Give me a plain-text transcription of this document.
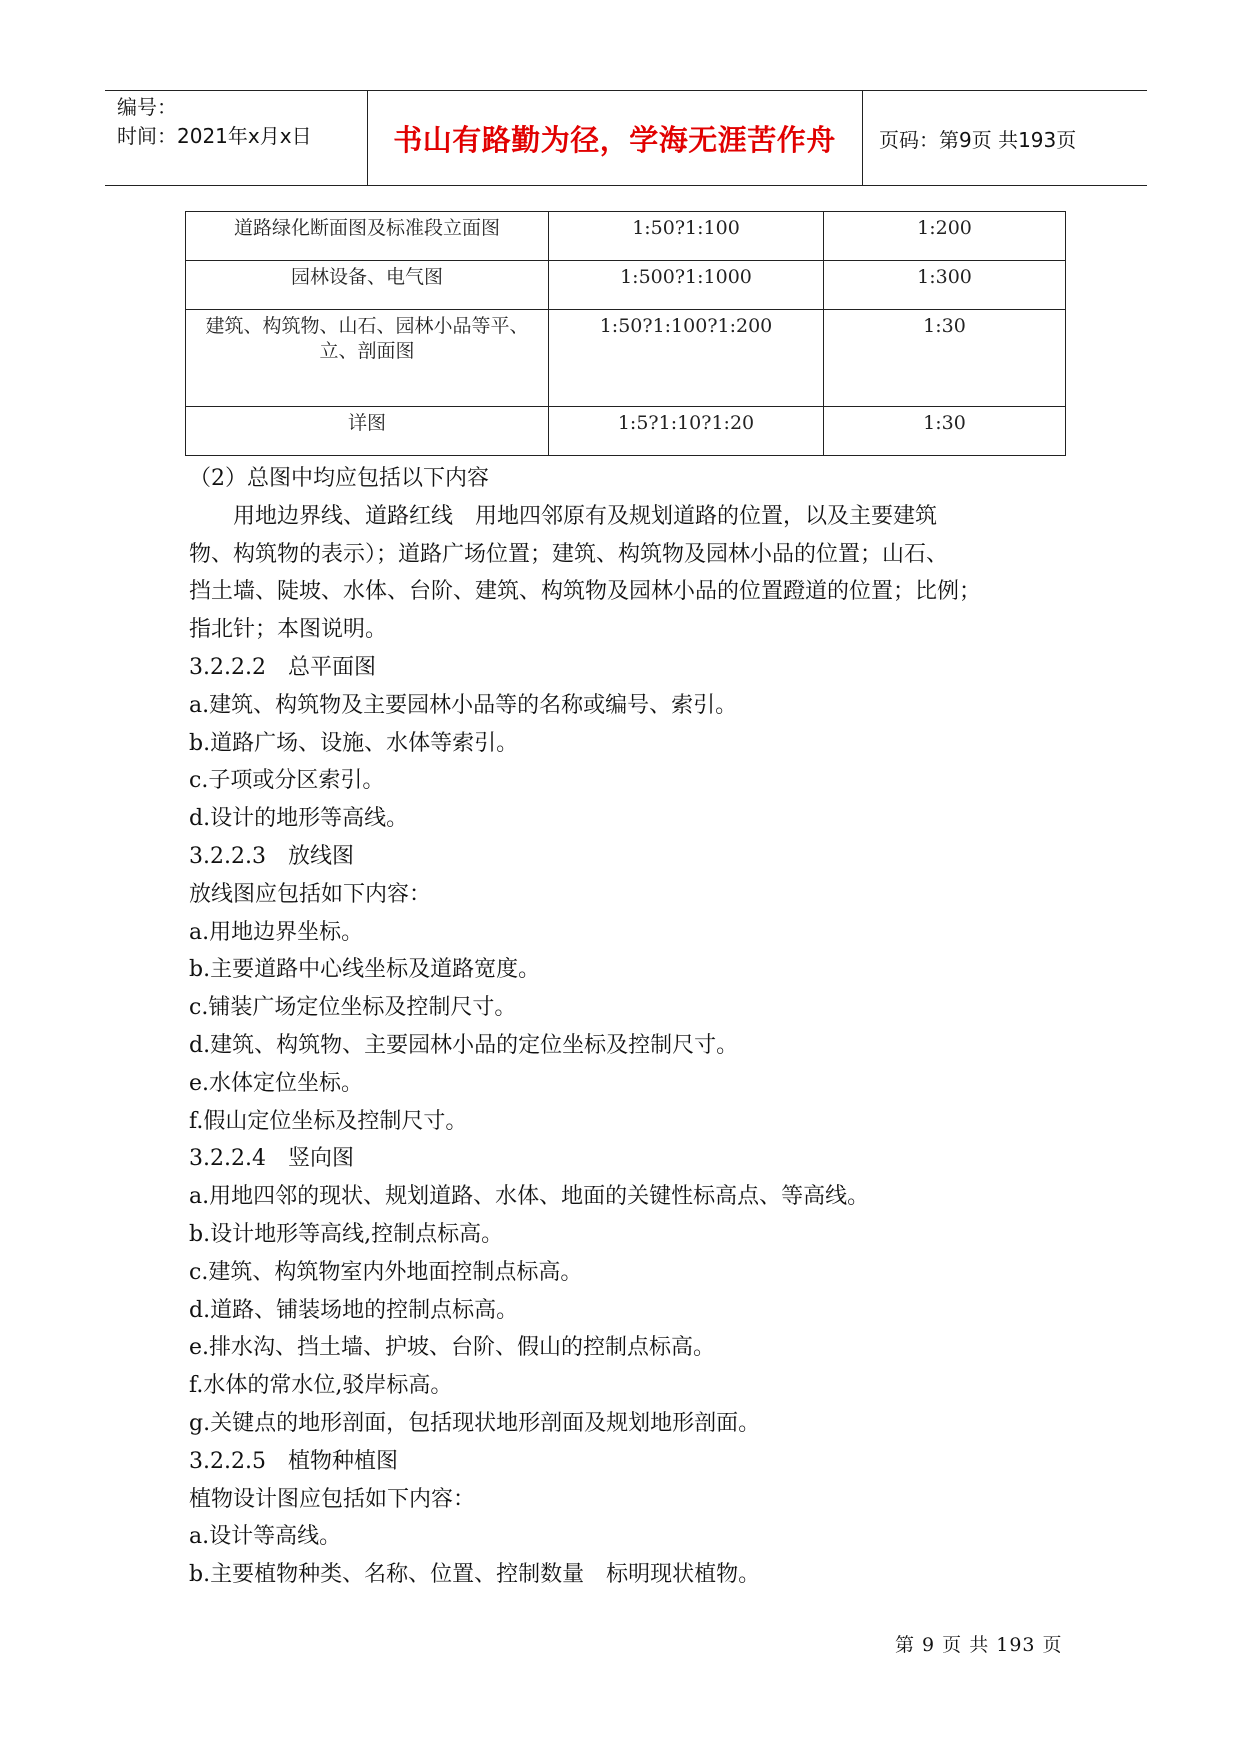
编号：
时间：2021年x月x日	书山有路勤为径，学海无涯苦作舟	页码：第9页 共193页
道路绿化断面图及标准段立面图	1:50?1:100	1:200
园林设备、电气图	1:500?1:1000	1:300
建筑、构筑物、山石、园林小品等平、立、剖面图	1:50?1:100?1:200	1:30
详图	1:5?1:10?1:20	1:30

（2）总图中均应包括以下内容

　　用地边界线、道路红线　用地四邻原有及规划道路的位置，以及主要建筑

物、构筑物的表示）；道路广场位置；建筑、构筑物及园林小品的位置；山石、

挡土墙、陡坡、水体、台阶、建筑、构筑物及园林小品的位置蹬道的位置；比例；

指北针；本图说明。

3.2.2.2　总平面图

a.建筑、构筑物及主要园林小品等的名称或编号、索引。

b.道路广场、设施、水体等索引。

c.子项或分区索引。

d.设计的地形等高线。

3.2.2.3　放线图

放线图应包括如下内容：

a.用地边界坐标。

b.主要道路中心线坐标及道路宽度。

c.铺装广场定位坐标及控制尺寸。

d.建筑、构筑物、主要园林小品的定位坐标及控制尺寸。

e.水体定位坐标。

f.假山定位坐标及控制尺寸。

3.2.2.4　竖向图

a.用地四邻的现状、规划道路、水体、地面的关键性标高点、等高线。

b.设计地形等高线,控制点标高。

c.建筑、构筑物室内外地面控制点标高。

d.道路、铺装场地的控制点标高。

e.排水沟、挡土墙、护坡、台阶、假山的控制点标高。

f.水体的常水位,驳岸标高。

g.关键点的地形剖面，包括现状地形剖面及规划地形剖面。

3.2.2.5　植物种植图

植物设计图应包括如下内容：

a.设计等高线。

b.主要植物种类、名称、位置、控制数量　标明现状植物。

第 9 页 共 193 页
